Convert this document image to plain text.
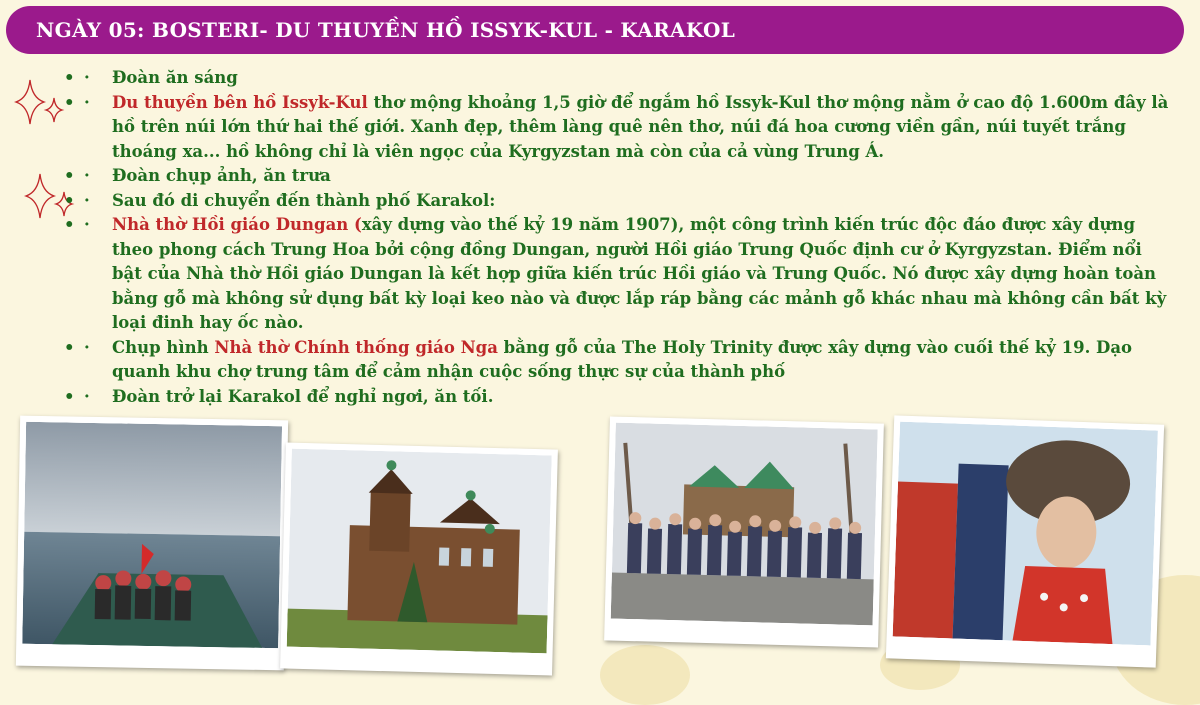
NGÀY 05: BOSTERI- DU THUYỀN HỒ ISSYK-KUL - KARAKOL
• · Đoàn ăn sáng
• · Du thuyền bên hồ Issyk-Kul thơ mộng khoảng 1,5 giờ để ngắm hồ Issyk-Kul thơ mộng nằm ở cao độ 1.600m đây là hồ trên núi lớn thứ hai thế giới. Xanh đẹp, thêm làng quê nên thơ, núi đá hoa cương viền gần, núi tuyết trắng thoáng xa... hồ không chỉ là viên ngọc của Kyrgyzstan mà còn của cả vùng Trung Á.
• · Đoàn chụp ảnh, ăn trưa
• · Sau đó di chuyển đến thành phố Karakol:
• · Nhà thờ Hồi giáo Dungan (xây dựng vào thế kỷ 19 năm 1907), một công trình kiến trúc độc đáo được xây dựng theo phong cách Trung Hoa bởi cộng đồng Dungan, người Hồi giáo Trung Quốc định cư ở Kyrgyzstan. Điểm nổi bật của Nhà thờ Hồi giáo Dungan là kết hợp giữa kiến trúc Hồi giáo và Trung Quốc. Nó được xây dựng hoàn toàn bằng gỗ mà không sử dụng bất kỳ loại keo nào và được lắp ráp bằng các mảnh gỗ khác nhau mà không cần bất kỳ loại đinh hay ốc nào.
• · Chụp hình Nhà thờ Chính thống giáo Nga bằng gỗ của The Holy Trinity được xây dựng vào cuối thế kỷ 19. Dạo quanh khu chợ trung tâm để cảm nhận cuộc sống thực sự của thành phố
• · Đoàn trở lại Karakol để nghỉ ngơi, ăn tối.
